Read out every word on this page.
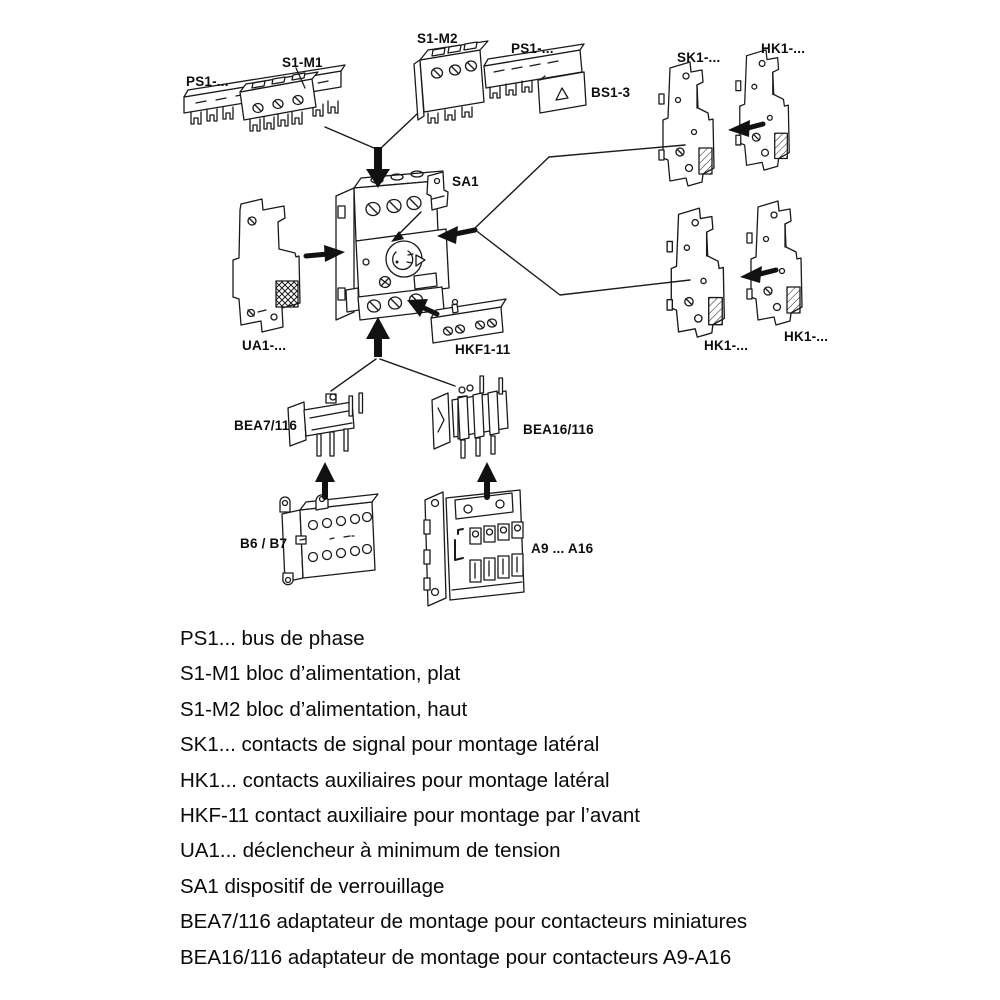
PS1-...
S1-M1
S1-M2
PS1-...
BS1-3
SK1-...
HK1-...
SA1
UA1-...	HKF1-11	HK1-...
HK1-...
BEA7/116	BEA16/116
B6 / B7	A9 ... A16
PS1... bus de phase
S1-M1 bloc d’alimentation, plat
S1-M2 bloc d’alimentation, haut
SK1... contacts de signal pour montage latéral
HK1... contacts auxiliaires pour montage latéral
HKF-11 contact auxiliaire pour montage par l’avant
UA1... déclencheur à minimum de tension
SA1 dispositif de verrouillage
BEA7/116 adaptateur de montage pour contacteurs miniatures
BEA16/116 adaptateur de montage pour contacteurs A9-A16
